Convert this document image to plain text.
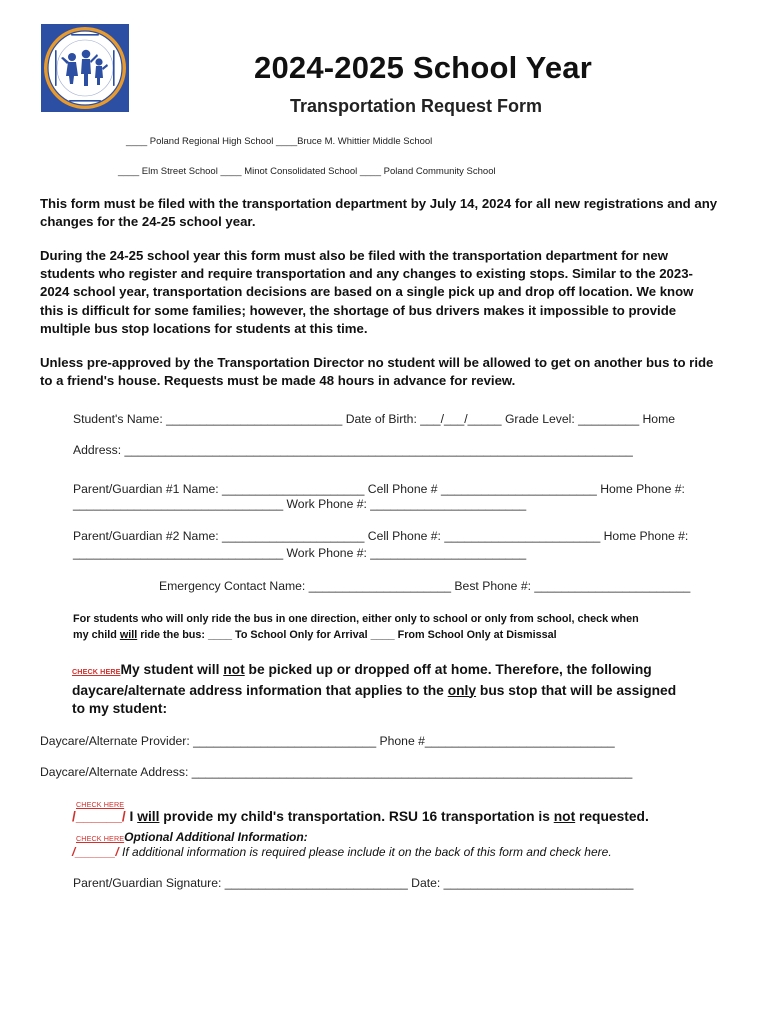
2024-2025 School Year
Transportation Request Form
____ Poland Regional High School ____Bruce M. Whittier Middle School
____ Elm Street School ____ Minot Consolidated School ____ Poland Community School
This form must be filed with the transportation department by July 14, 2024 for all new registrations and any changes for the 24-25 school year.
During the 24-25 school year this form must also be filed with the transportation department for new students who register and require transportation and any changes to existing stops. Similar to the 2023-2024 school year, transportation decisions are based on a single pick up and drop off location. We know this is difficult for some families; however, the shortage of bus drivers makes it impossible to provide multiple bus stop locations for students at this time.
Unless pre-approved by the Transportation Director no student will be allowed to get on another bus to ride to a friend's house. Requests must be made 48 hours in advance for review.
Student's Name: __________________________ Date of Birth: ___/___/_____ Grade Level: _________ Home
Address: ___________________________________________________________________________
Parent/Guardian #1 Name: _____________________ Cell Phone # _______________________ Home Phone #:
_______________________________ Work Phone #: _______________________
Parent/Guardian #2 Name: _____________________ Cell Phone #: _______________________ Home Phone #:
_______________________________ Work Phone #: _______________________
Emergency Contact Name: _____________________ Best Phone #: _______________________
For students who will only ride the bus in one direction, either only to school or only from school, check when
my child will ride the bus: ____ To School Only for Arrival ____ From School Only at Dismissal
CHECK HEREMy student will not be picked up or dropped off at home. Therefore, the following daycare/alternate address information that applies to the only bus stop that will be assigned to my student:
Daycare/Alternate Provider: ___________________________ Phone #____________________________
Daycare/Alternate Address: _________________________________________________________________
CHECK HERE
/______/ I will provide my child's transportation. RSU 16 transportation is not requested.
CHECK HEREOptional Additional Information:
/______/ If additional information is required please include it on the back of this form and check here.
Parent/Guardian Signature: ___________________________ Date: ____________________________
